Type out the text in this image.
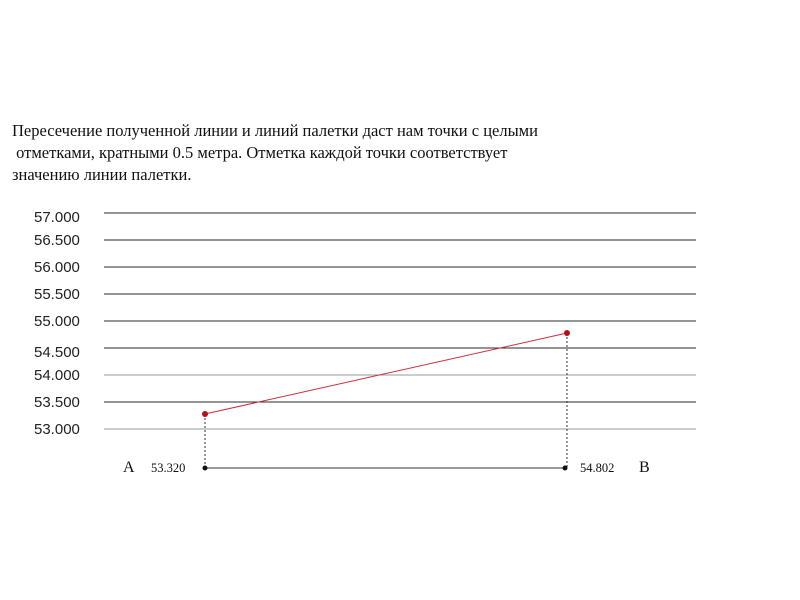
Пересечение полученной линии и линий палетки даст нам точки с целыми
отметками, кратными 0.5 метра. Отметка каждой точки соответствует
значению линии палетки.

57.000
56.500
56.000
55.500
55.000
54.500
54.000
53.500
53.000
A 53.320	54.802 B
